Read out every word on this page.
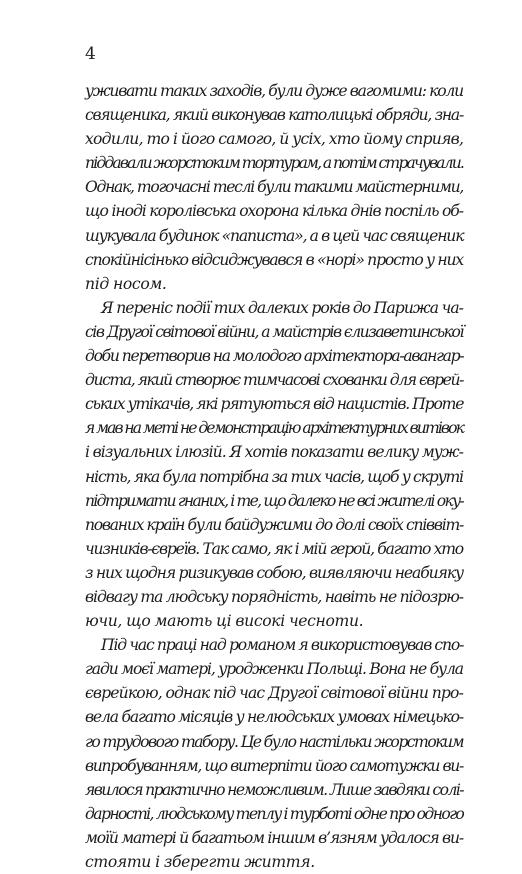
4

уживати таких заходів, були дуже вагомими: коли
священика, який виконував католицькі обряди, зна-
ходили, то і його самого, й усіх, хто йому сприяв,
піддавали жорстоким тортурам, а потім страчували.
Однак, тогочасні теслі були такими майстерними,
що іноді королівська охорона кілька днів поспіль об-
шукувала будинок «паписта», а в цей час священик
спокійнісінько відсиджувався в «норі» просто у них
під носом.

Я переніс події тих далеких років до Парижа ча-
сів Другої світової війни, а майстрів єлизаветинської
доби перетворив на молодого архітектора-авангар-
диста, який створює тимчасові схованки для єврей-
ських утікачів, які рятуються від нацистів. Проте
я мав на меті не демонстрацію архітектурних витівок
і візуальних ілюзій. Я хотів показати велику муж-
ність, яка була потрібна за тих часів, щоб у скруті
підтримати гнаних, і те, що далеко не всі жителі оку-
пованих країн були байдужими до долі своїх співвіт-
чизників-євреїв. Так само, як і мій герой, багато хто
з них щодня ризикував собою, виявляючи неабияку
відвагу та людську порядність, навіть не підозрю-
ючи, що мають ці високі чесноти.

Під час праці над романом я використовував спо-
гади моєї матері, уродженки Польщі. Вона не була
єврейкою, однак під час Другої світової війни про-
вела багато місяців у нелюдських умовах німецько-
го трудового табору. Це було настільки жорстоким
випробуванням, що витерпіти його самотужки ви-
явилося практично неможливим. Лише завдяки солі-
дарності, людському теплу і турботі одне про одного
моїй матері й багатьом іншим в’язням удалося ви-
стояти і зберегти життя.
